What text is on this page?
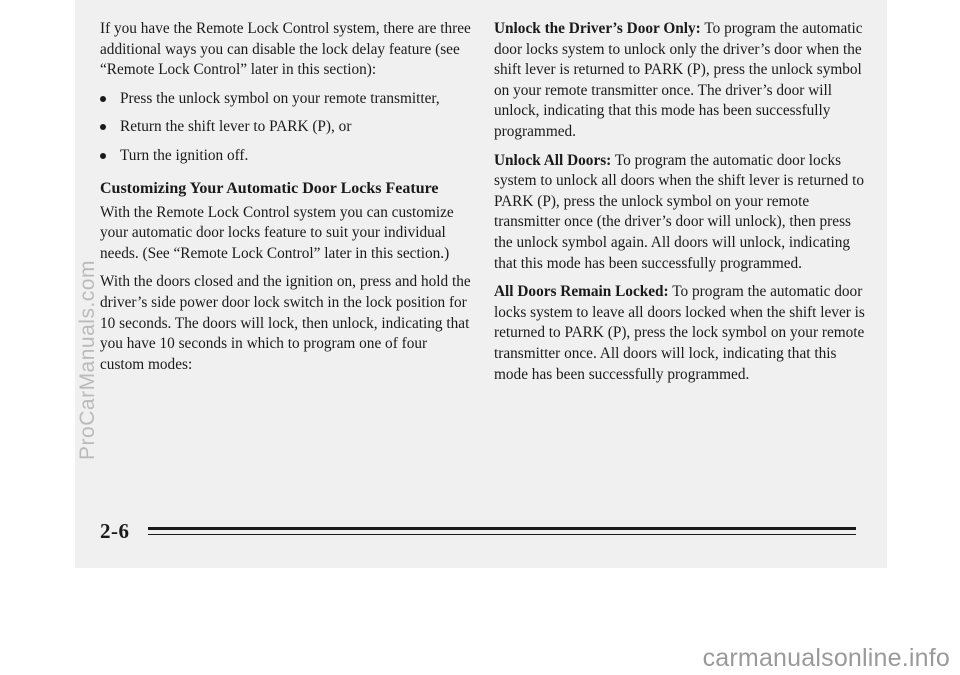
If you have the Remote Lock Control system, there are three additional ways you can disable the lock delay feature (see “Remote Lock Control” later in this section):

Press the unlock symbol on your remote transmitter,
Return the shift lever to PARK (P), or
Turn the ignition off.
Customizing Your Automatic Door Locks Feature

With the Remote Lock Control system you can customize your automatic door locks feature to suit your individual needs. (See “Remote Lock Control” later in this section.)

With the doors closed and the ignition on, press and hold the driver’s side power door lock switch in the lock position for 10 seconds. The doors will lock, then unlock, indicating that you have 10 seconds in which to program one of four custom modes:

Unlock the Driver’s Door Only: To program the automatic door locks system to unlock only the driver’s door when the shift lever is returned to PARK (P), press the unlock symbol on your remote transmitter once. The driver’s door will unlock, indicating that this mode has been successfully programmed.

Unlock All Doors: To program the automatic door locks system to unlock all doors when the shift lever is returned to PARK (P), press the unlock symbol on your remote transmitter once (the driver’s door will unlock), then press the unlock symbol again. All doors will unlock, indicating that this mode has been successfully programmed.

All Doors Remain Locked: To program the automatic door locks system to leave all doors locked when the shift lever is returned to PARK (P), press the lock symbol on your remote transmitter once. All doors will lock, indicating that this mode has been successfully programmed.

2-6
ProCarManuals.com
carmanualsonline.info
